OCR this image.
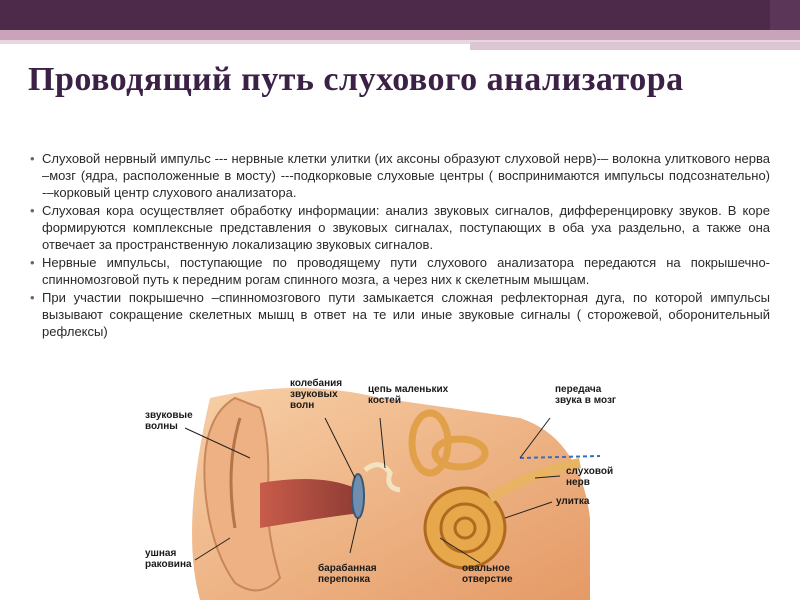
Проводящий путь слухового анализатора
• Слуховой нервный импульс --- нервные клетки улитки (их аксоны образуют слуховой нерв)-– волокна улиткового нерва –мозг (ядра, расположенные в мосту) ---подкорковые слуховые центры ( воспринимаются импульсы подсознательно) -–корковый центр слухового анализатора.
• Слуховая кора осуществляет обработку информации: анализ звуковых сигналов, дифференцировку звуков. В коре формируются комплексные представления о звуковых сигналах, поступающих в оба уха раздельно, а также она отвечает за пространственную локализацию звуковых сигналов.
• Нервные импульсы, поступающие по проводящему пути слухового анализатора передаются на покрышечно-спинномозговой путь к передним рогам спинного мозга, а через них к скелетным мышцам.
• При участии покрышечно –спинномозгового пути замыкается сложная рефлекторная дуга, по которой импульсы вызывают сокращение скелетных мышц в ответ на те или иные звуковые сигналы ( сторожевой, оборонительный рефлексы)
звуковые
волны
колебания
звуковых
волн
цепь маленьких
костей
передача
звука в мозг
слуховой
нерв
улитка
ушная
раковина	барабанная
перепонка
овальное
отверстие
